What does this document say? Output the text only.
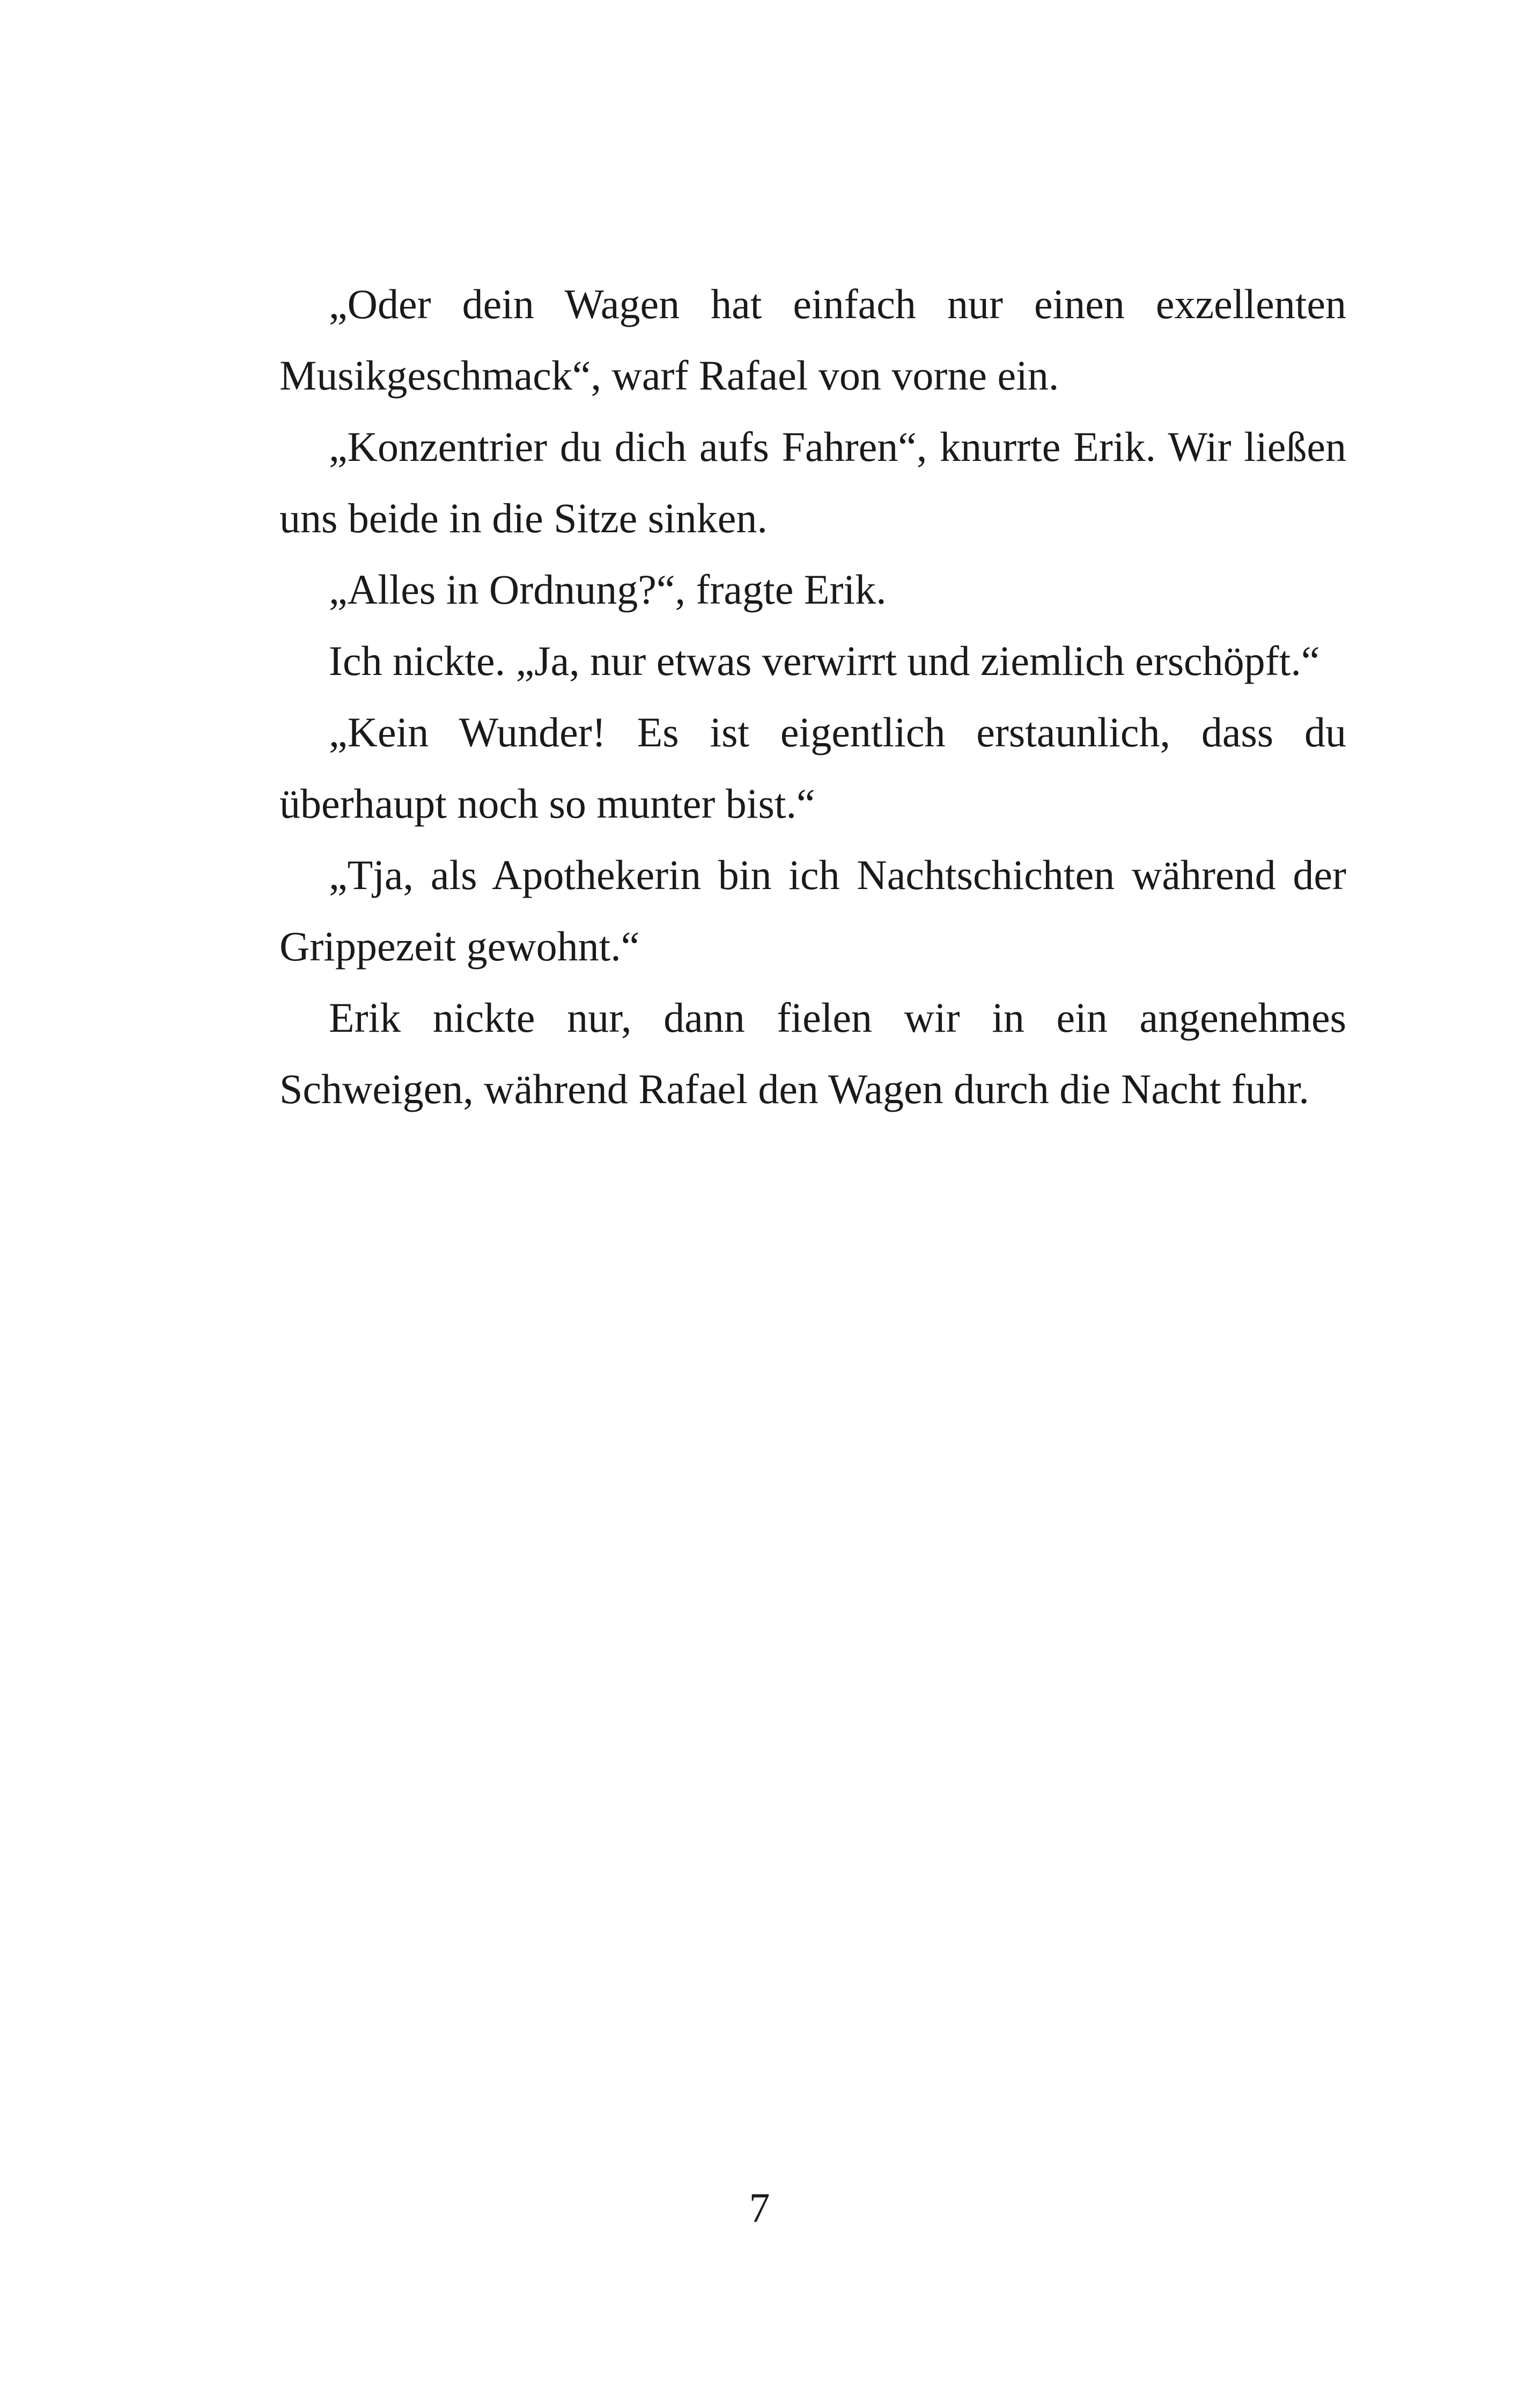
„Oder dein Wagen hat einfach nur einen exzellenten Musikgeschmack“, warf Rafael von vorne ein.

„Konzentrier du dich aufs Fahren“, knurrte Erik. Wir ließen uns beide in die Sitze sinken.

„Alles in Ordnung?“, fragte Erik.

Ich nickte. „Ja, nur etwas verwirrt und ziemlich erschöpft.“

„Kein Wunder! Es ist eigentlich erstaunlich, dass du überhaupt noch so munter bist.“

„Tja, als Apothekerin bin ich Nachtschichten während der Grippezeit gewohnt.“

Erik nickte nur, dann fielen wir in ein angenehmes Schweigen, während Rafael den Wagen durch die Nacht fuhr.

7
